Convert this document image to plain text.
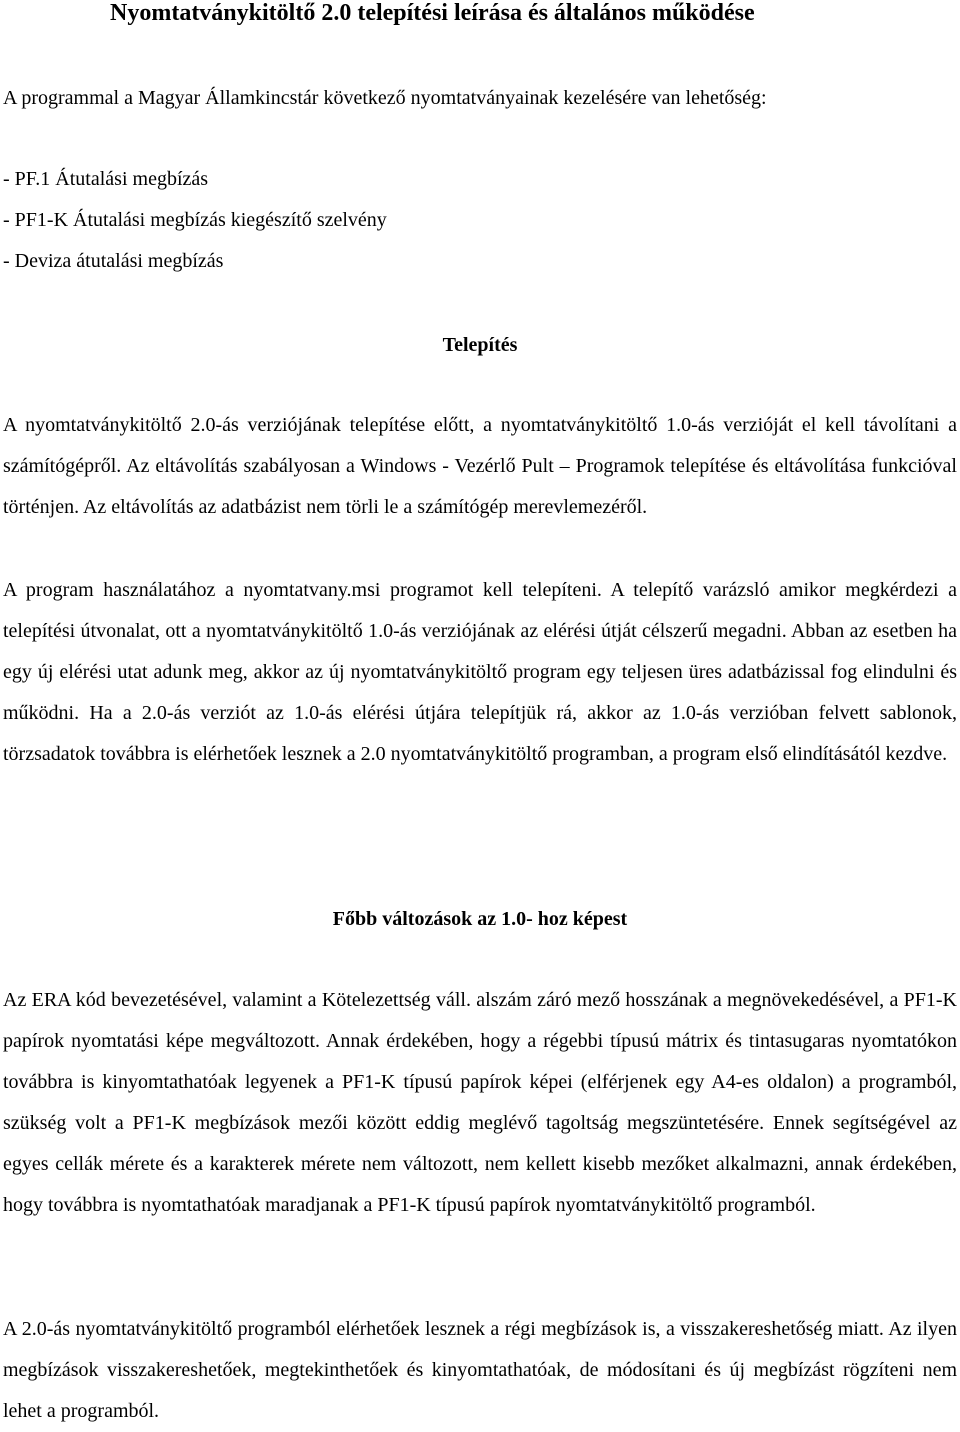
Nyomtatványkitöltő 2.0 telepítési leírása és általános működése

A programmal a Magyar Államkincstár következő nyomtatványainak kezelésére van lehetőség:

- PF.1 Átutalási megbízás
- PF1-K Átutalási megbízás kiegészítő szelvény
- Deviza átutalási megbízás
Telepítés

A nyomtatványkitöltő 2.0-ás verziójának telepítése előtt, a nyomtatványkitöltő 1.0-ás verzióját el kell távolítani a számítógépről. Az eltávolítás szabályosan a Windows - Vezérlő Pult – Programok telepítése és eltávolítása funkcióval történjen. Az eltávolítás az adatbázist nem törli le a számítógép merevlemezéről.

A program használatához a nyomtatvany.msi programot kell telepíteni. A telepítő varázsló amikor megkérdezi a telepítési útvonalat, ott a nyomtatványkitöltő 1.0-ás verziójának az elérési útját célszerű megadni. Abban az esetben ha egy új elérési utat adunk meg, akkor az új nyomtatványkitöltő program egy teljesen üres adatbázissal fog elindulni és működni. Ha a 2.0-ás verziót az 1.0-ás elérési útjára telepítjük rá, akkor az 1.0-ás verzióban felvett sablonok, törzsadatok továbbra is elérhetőek lesznek a 2.0 nyomtatványkitöltő programban, a program első elindításától kezdve.

Főbb változások az 1.0- hoz képest

Az ERA kód bevezetésével, valamint a Kötelezettség váll. alszám záró mező hosszának a megnövekedésével, a PF1-K papírok nyomtatási képe megváltozott. Annak érdekében, hogy a régebbi típusú mátrix és tintasugaras nyomtatókon továbbra is kinyomtathatóak legyenek a PF1-K típusú papírok képei (elférjenek egy A4-es oldalon) a programból, szükség volt a PF1-K megbízások mezői között eddig meglévő tagoltság megszüntetésére. Ennek segítségével az egyes cellák mérete és a karakterek mérete nem változott, nem kellett kisebb mezőket alkalmazni, annak érdekében, hogy továbbra is nyomtathatóak maradjanak a PF1-K típusú papírok nyomtatványkitöltő programból.

A 2.0-ás nyomtatványkitöltő programból elérhetőek lesznek a régi megbízások is, a visszakereshetőség miatt. Az ilyen megbízások visszakereshetőek, megtekinthetőek és kinyomtathatóak, de módosítani és új megbízást rögzíteni nem lehet a programból.
